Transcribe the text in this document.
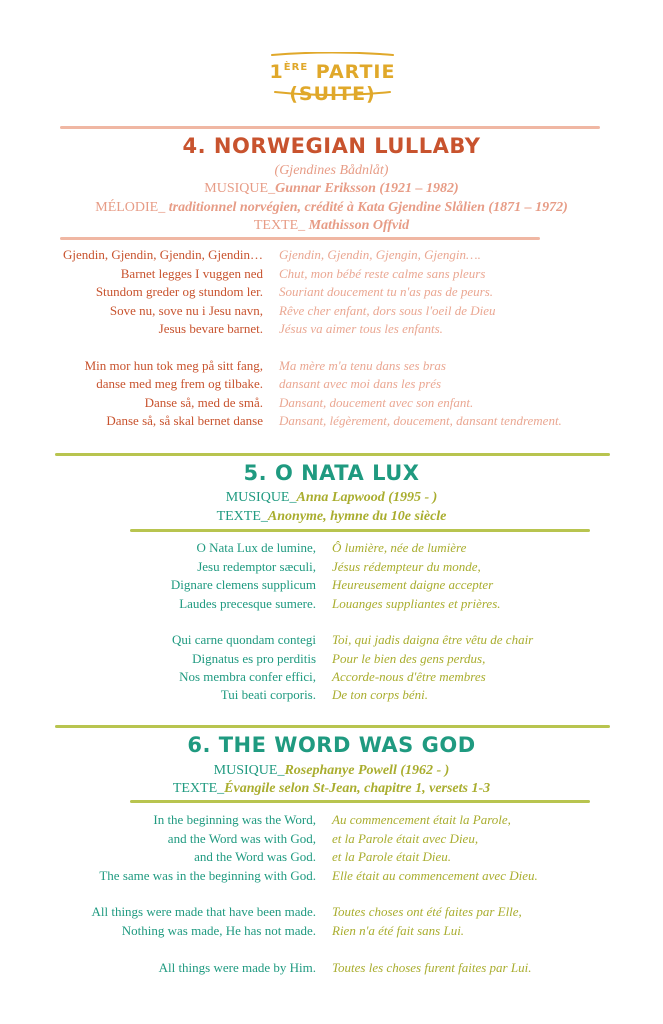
1ÈRE PARTIE (SUITE)
4. NORWEGIAN LULLABY
(Gjendines Bådnlåt)
MUSIQUE_Gunnar Eriksson (1921 – 1982)
MÉLODIE_ traditionnel norvégien, crédité à Kata Gjendine Slålien (1871 – 1972)
TEXTE_ Mathisson Offvid
Gjendin, Gjendin, Gjendin, Gjendin… Gjendin, Gjendin, Gjengin, Gjengin….
Barnet legges I vuggen ned Chut, mon bébé reste calme sans pleurs
Stundom greder og stundom ler. Souriant doucement tu n'as pas de peurs.
Sove nu, sove nu i Jesu navn, Rêve cher enfant, dors sous l'oeil de Dieu
Jesus bevare barnet. Jésus va aimer tous les enfants.
Min mor hun tok meg på sitt fang, Ma mère m'a tenu dans ses bras
danse med meg frem og tilbake. dansant avec moi dans les prés
Danse så, med de små. Dansant, doucement avec son enfant.
Danse så, så skal bernet danse Dansant, légèrement, doucement, dansant tendrement.
5. O NATA LUX
MUSIQUE_Anna Lapwood (1995 - )
TEXTE_Anonyme, hymne du 10e siècle
O Nata Lux de lumine, Ô lumière, née de lumière
Jesu redemptor sæculi, Jésus rédempteur du monde,
Dignare clemens supplicum Heureusement daigne accepter
Laudes precesque sumere. Louanges suppliantes et prières.
Qui carne quondam contegi Toi, qui jadis daigna être vêtu de chair
Dignatus es pro perditis Pour le bien des gens perdus,
Nos membra confer effici, Accorde-nous d'être membres
Tui beati corporis. De ton corps béni.
6. THE WORD WAS GOD
MUSIQUE_Rosephanye Powell (1962 - )
TEXTE_Évangile selon St-Jean, chapitre 1, versets 1-3
In the beginning was the Word, Au commencement était la Parole,
and the Word was with God, et la Parole était avec Dieu,
and the Word was God. et la Parole était Dieu.
The same was in the beginning with God. Elle était au commencement avec Dieu.
All things were made that have been made. Toutes choses ont été faites par Elle,
Nothing was made, He has not made. Rien n'a été fait sans Lui.
All things were made by Him. Toutes les choses furent faites par Lui.
